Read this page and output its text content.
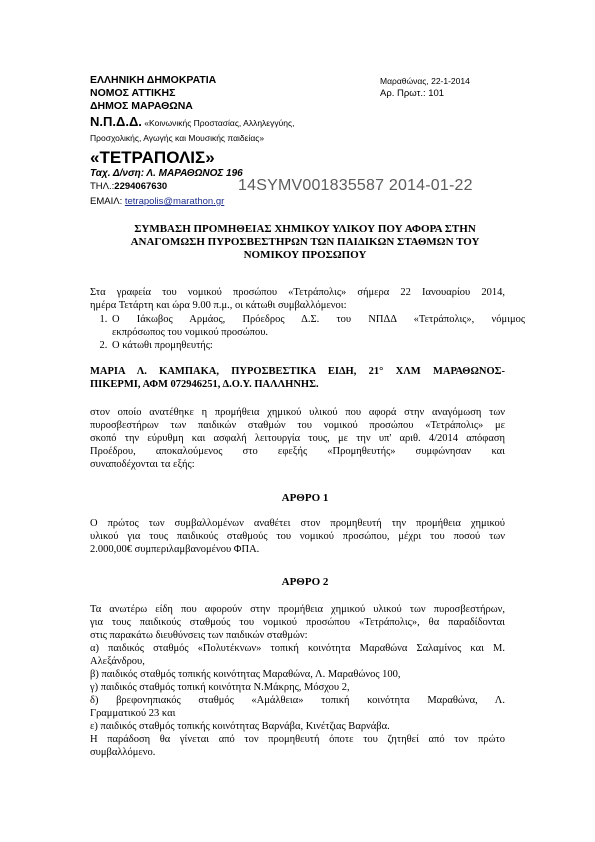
ΕΛΛΗΝΙΚΗ ΔΗΜΟΚΡΑΤΙΑ
ΝΟΜΟΣ ΑΤΤΙΚΗΣ
ΔΗΜΟΣ ΜΑΡΑΘΩΝΑ
Μαραθώνας, 22-1-2014
Αρ. Πρωτ.: 101
Ν.Π.Δ.Δ. «Κοινωνικής Προστασίας, Αλληλεγγύης,
Προσχολικής, Αγωγής και Μουσικής παιδείας»
«ΤΕΤΡΑΠΟΛΙΣ»
Ταχ. Δ/νση: Λ. ΜΑΡΑΘΩΝΟΣ 196
ΤΗΛ.:2294067630	14SYMV001835587 2014-01-22
ΕΜΑΙΛ: tetrapolis@marathon.gr
ΣΥΜΒΑΣΗ ΠΡΟΜΗΘΕΙΑΣ ΧΗΜΙΚΟΥ ΥΛΙΚΟΥ ΠΟΥ ΑΦΟΡΑ ΣΤΗΝ
ΑΝΑΓΟΜΩΣΗ ΠΥΡΟΣΒΕΣΤΗΡΩΝ ΤΩΝ ΠΑΙΔΙΚΩΝ ΣΤΑΘΜΩΝ ΤΟΥ
ΝΟΜΙΚΟΥ ΠΡΟΣΩΠΟΥ
Στα γραφεία του νομικού προσώπου «Τετράπολις» σήμερα 22 Ιανουαρίου 2014,
ημέρα Τετάρτη και ώρα 9.00 π.μ., οι κάτωθι συμβαλλόμενοι:
1. Ο Ιάκωβος Αρμάος, Πρόεδρος Δ.Σ. του ΝΠΔΔ «Τετράπολις», νόμιμος
εκπρόσωπος του νομικού προσώπου.
2. Ο κάτωθι προμηθευτής:
ΜΑΡΙΑ Λ. ΚΑΜΠΑΚΑ, ΠΥΡΟΣΒΕΣΤΙΚΑ ΕΙΔΗ, 21° ΧΛΜ ΜΑΡΑΘΩΝΟΣ-
ΠΙΚΕΡΜΙ, ΑΦΜ 072946251, Δ.Ο.Υ. ΠΑΛΛΗΝΗΣ.
στον οποίο ανατέθηκε η προμήθεια χημικού υλικού που αφορά στην αναγόμωση των
πυροσβεστήρων των παιδικών σταθμών του νομικού προσώπου «Τετράπολις» με
σκοπό την εύρυθμη και ασφαλή λειτουργία τους, με την υπ' αριθ. 4/2014 απόφαση
Προέδρου, αποκαλούμενος στο εφεξής «Προμηθευτής» συμφώνησαν και
συναποδέχονται τα εξής:
ΑΡΘΡΟ 1
Ο πρώτος των συμβαλλομένων αναθέτει στον προμηθευτή την προμήθεια χημικού
υλικού για τους παιδικούς σταθμούς του νομικού προσώπου, μέχρι του ποσού των
2.000,00€ συμπεριλαμβανομένου ΦΠΑ.
ΑΡΘΡΟ 2
Τα ανωτέρω είδη που αφορούν στην προμήθεια χημικού υλικού των πυροσβεστήρων,
για τους παιδικούς σταθμούς του νομικού προσώπου «Τετράπολις», θα παραδίδονται
στις παρακάτω διευθύνσεις των παιδικών σταθμών:
α) παιδικός σταθμός «Πολυτέκνων» τοπική κοινότητα Μαραθώνα Σαλαμίνος και Μ.
Αλεξάνδρου,
β) παιδικός σταθμός τοπικής κοινότητας Μαραθώνα, Λ. Μαραθώνος 100,
γ) παιδικός σταθμός τοπική κοινότητα Ν.Μάκρης, Μόσχου 2,
δ) βρεφονηπιακός σταθμός «Αμάλθεια» τοπική κοινότητα Μαραθώνα, Λ.
Γραμματικού 23 και
ε) παιδικός σταθμός τοπικής κοινότητας Βαρνάβα, Κινέτζιας Βαρνάβα.
Η παράδοση θα γίνεται από τον προμηθευτή όποτε του ζητηθεί από τον πρώτο
συμβαλλόμενο.
